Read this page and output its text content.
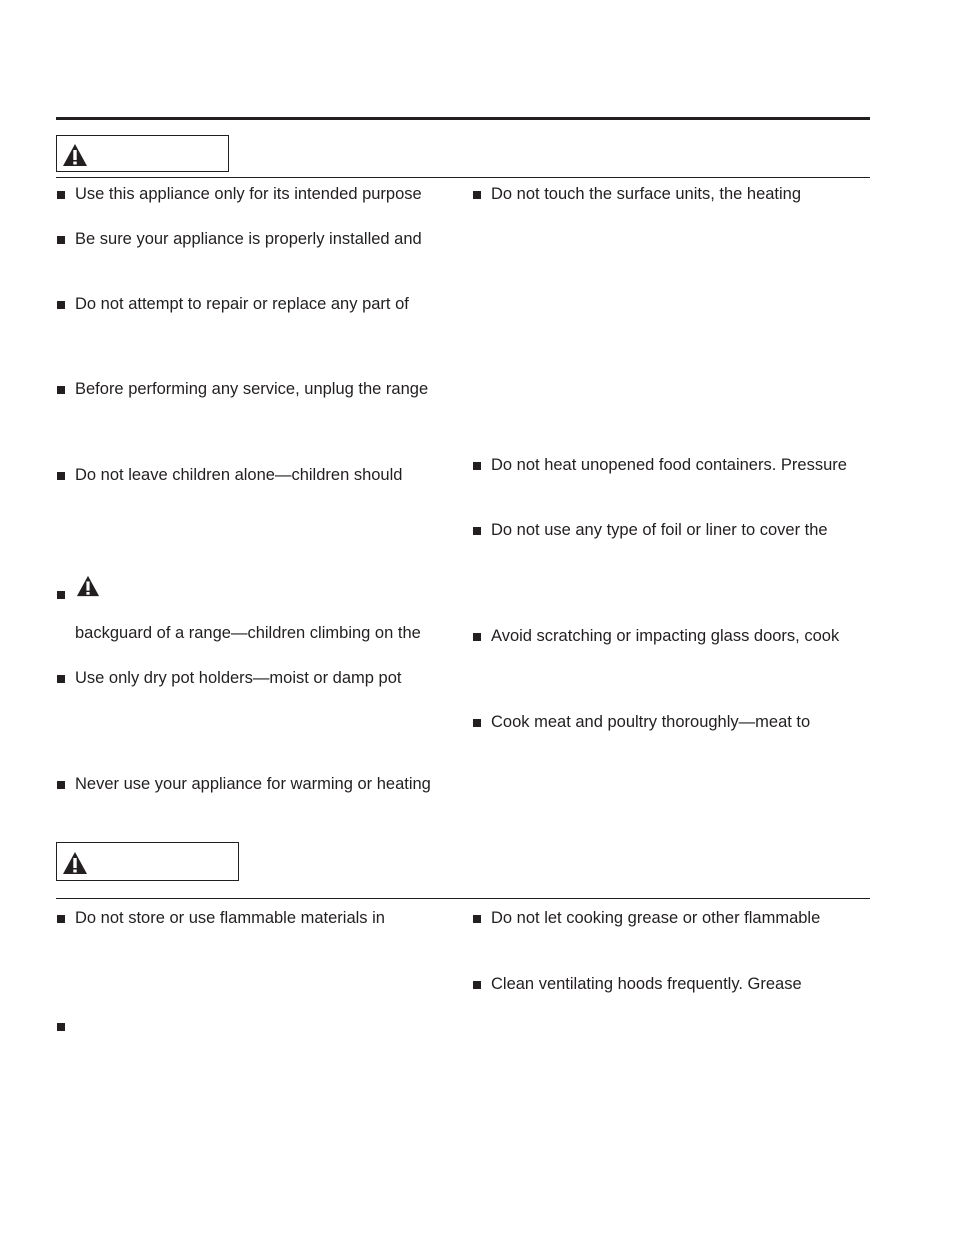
Use this appliance only for its intended purpose
Be sure your appliance is properly installed and
Do not attempt to repair or replace any part of
Before performing any service, unplug the range
Do not leave children alone—children should
backguard of a range—children climbing on the
Use only dry pot holders—moist or damp pot
Never use your appliance for warming or heating
Do not touch the surface units, the heating
Do not heat unopened food containers. Pressure
Do not use any type of foil or liner to cover the
Avoid scratching or impacting glass doors, cook
Cook meat and poultry thoroughly—meat to
Do not store or use flammable materials in	Do not let cooking grease or other flammable
Clean ventilating hoods frequently. Grease
